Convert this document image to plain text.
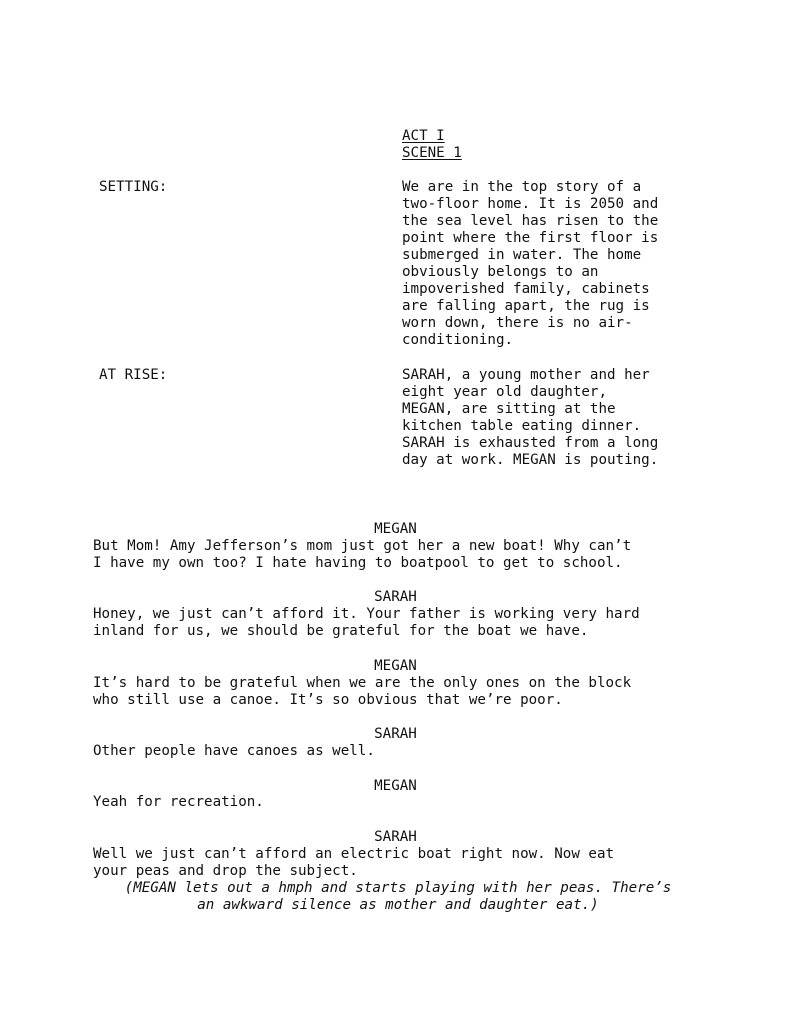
ACT I
SCENE 1
SETTING:	We are in the top story of a
two-floor home. It is 2050 and
the sea level has risen to the
point where the first floor is
submerged in water. The home
obviously belongs to an
impoverished family, cabinets
are falling apart, the rug is
worn down, there is no air-
conditioning.
AT RISE:	SARAH, a young mother and her
eight year old daughter,
MEGAN, are sitting at the
kitchen table eating dinner.
SARAH is exhausted from a long
day at work. MEGAN is pouting.
MEGAN
But Mom! Amy Jefferson’s mom just got her a new boat! Why can’t
I have my own too? I hate having to boatpool to get to school.
SARAH
Honey, we just can’t afford it. Your father is working very hard
inland for us, we should be grateful for the boat we have.
MEGAN
It’s hard to be grateful when we are the only ones on the block
who still use a canoe. It’s so obvious that we’re poor.
SARAH
Other people have canoes as well.
MEGAN
Yeah for recreation.
SARAH
Well we just can’t afford an electric boat right now. Now eat
your peas and drop the subject.
(MEGAN lets out a hmph and starts playing with her peas. There’s
an awkward silence as mother and daughter eat.)
